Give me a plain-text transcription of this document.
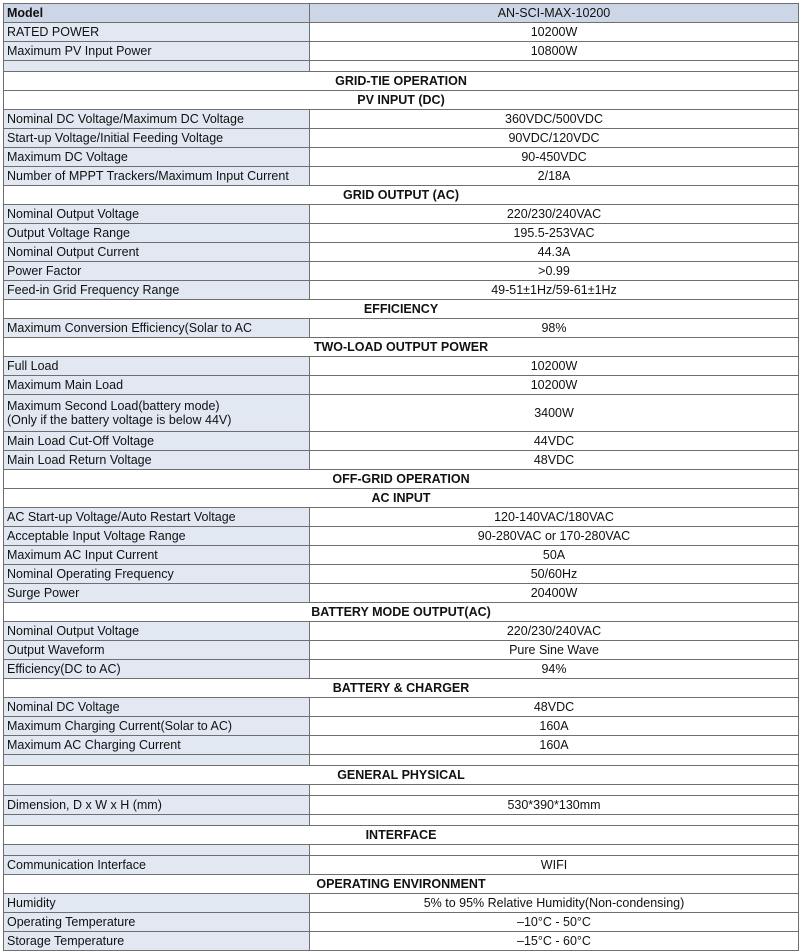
Model	AN-SCI-MAX-10200
RATED POWER	10200W
Maximum PV Input Power	10800W

GRID-TIE OPERATION	
PV INPUT (DC)	
Nominal DC Voltage/Maximum DC Voltage	360VDC/500VDC
Start-up Voltage/Initial Feeding Voltage	90VDC/120VDC
Maximum DC Voltage	90-450VDC
Number of MPPT Trackers/Maximum Input Current	2/18A
GRID OUTPUT (AC)	
Nominal Output Voltage	220/230/240VAC
Output Voltage Range	195.5-253VAC
Nominal Output Current	44.3A
Power Factor	>0.99
Feed-in Grid Frequency Range	49-51±1Hz/59-61±1Hz
EFFICIENCY	
Maximum Conversion Efficiency(Solar to AC	98%
TWO-LOAD OUTPUT POWER	
Full Load	10200W
Maximum Main Load	10200W

Maximum Second Load(battery mode)
(Only if the battery voltage is below 44V)	3400W
Main Load Cut-Off Voltage	44VDC
Main Load Return Voltage	48VDC
OFF-GRID OPERATION	
AC INPUT	
AC Start-up Voltage/Auto Restart Voltage	120-140VAC/180VAC
Acceptable Input Voltage Range	90-280VAC or 170-280VAC
Maximum AC Input Current	50A
Nominal Operating Frequency	50/60Hz
Surge Power	20400W
BATTERY MODE OUTPUT(AC)	
Nominal Output Voltage	220/230/240VAC
Output Waveform	Pure Sine Wave
Efficiency(DC to AC)	94%
BATTERY & CHARGER	
Nominal DC Voltage	48VDC
Maximum Charging Current(Solar to AC)	160A
Maximum AC Charging Current	160A

GENERAL PHYSICAL	

Dimension, D x W x H (mm)	530*390*130mm

INTERFACE	

Communication Interface	WIFI
OPERATING ENVIRONMENT	
Humidity	5% to 95% Relative Humidity(Non-condensing)
Operating Temperature	–10°C - 50°C
Storage Temperature	–15°C - 60°C
